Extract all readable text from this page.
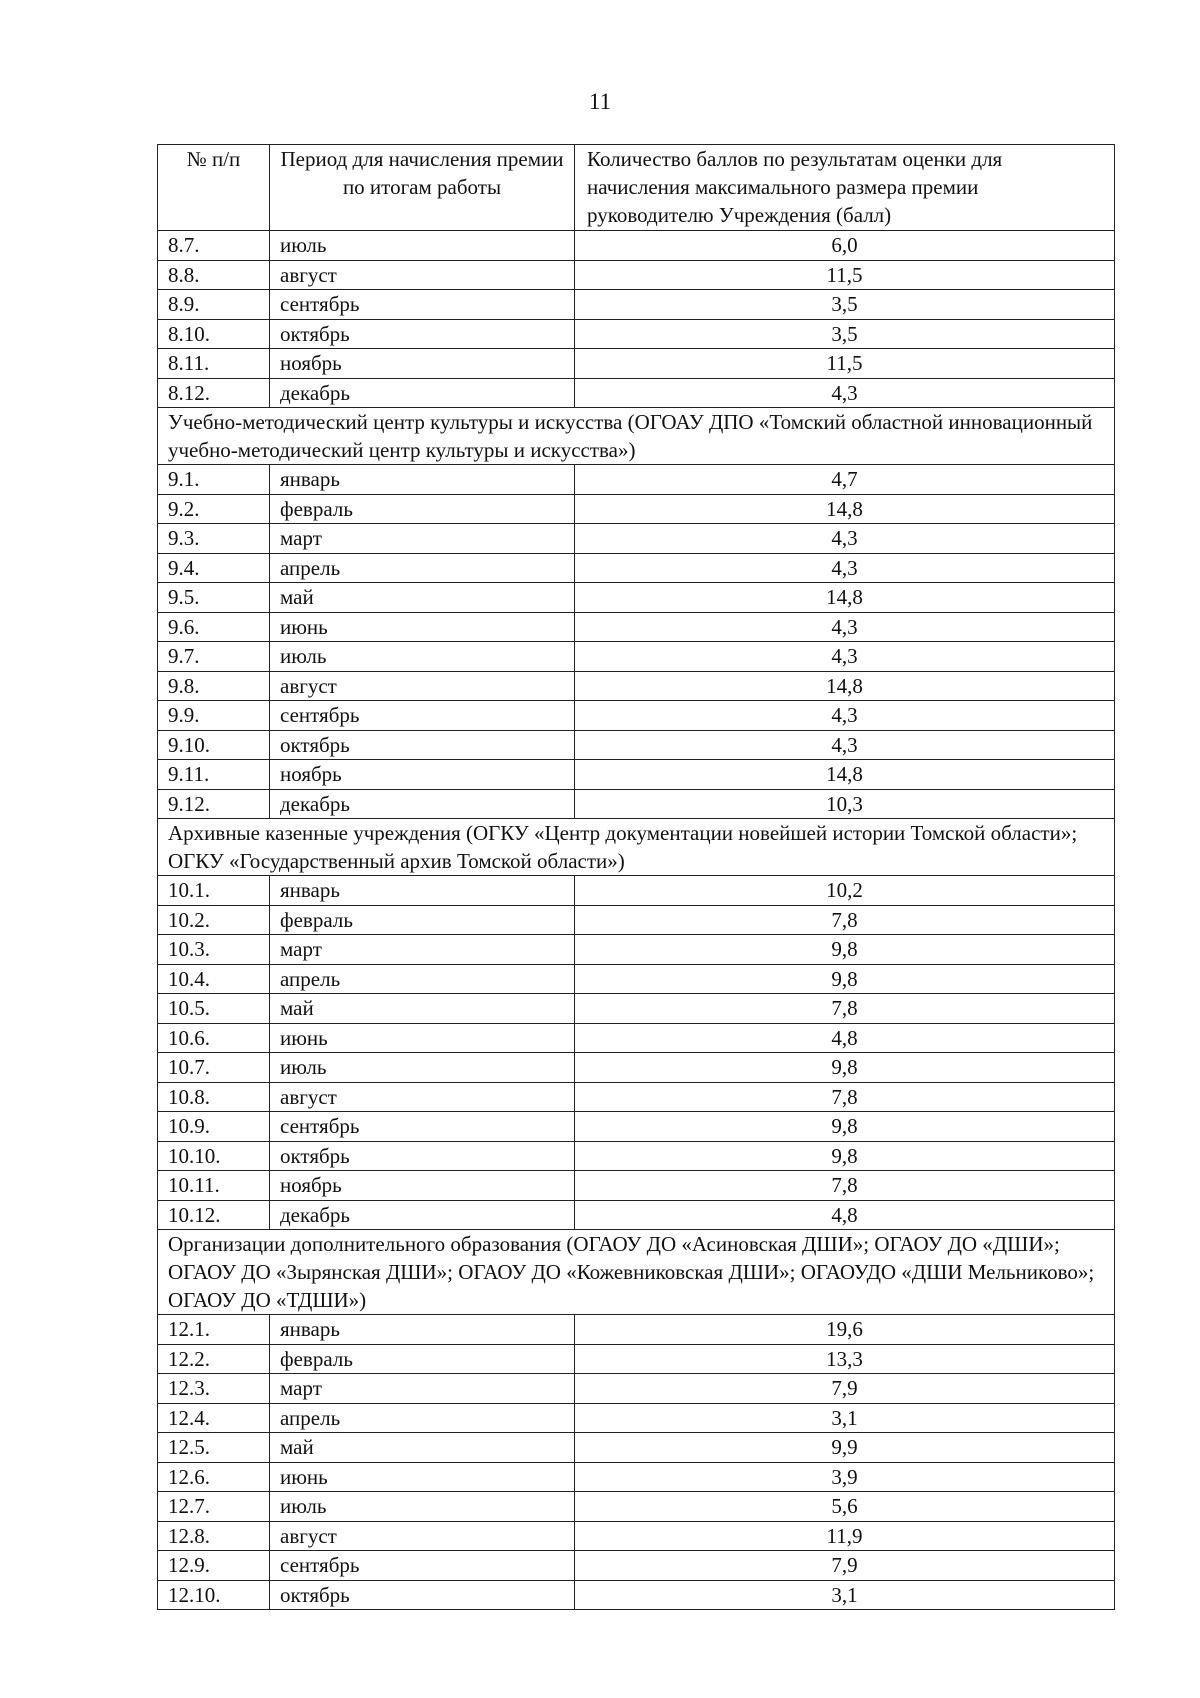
11
№ п/п	Период для начисления премии по итогам работы	Количество баллов по результатам оценки для начисления максимального размера премии руководителю Учреждения (балл)
8.7.	июль	6,0
8.8.	август	11,5
8.9.	сентябрь	3,5
8.10.	октябрь	3,5
8.11.	ноябрь	11,5
8.12.	декабрь	4,3
Учебно-методический центр культуры и искусства (ОГОАУ ДПО «Томский областной инновационный учебно-методический центр культуры и искусства»)		
9.1.	январь	4,7
9.2.	февраль	14,8
9.3.	март	4,3
9.4.	апрель	4,3
9.5.	май	14,8
9.6.	июнь	4,3
9.7.	июль	4,3
9.8.	август	14,8
9.9.	сентябрь	4,3
9.10.	октябрь	4,3
9.11.	ноябрь	14,8
9.12.	декабрь	10,3
Архивные казенные учреждения (ОГКУ «Центр документации новейшей истории Томской области»; ОГКУ «Государственный архив Томской области»)		
10.1.	январь	10,2
10.2.	февраль	7,8
10.3.	март	9,8
10.4.	апрель	9,8
10.5.	май	7,8
10.6.	июнь	4,8
10.7.	июль	9,8
10.8.	август	7,8
10.9.	сентябрь	9,8
10.10.	октябрь	9,8
10.11.	ноябрь	7,8
10.12.	декабрь	4,8
Организации дополнительного образования (ОГАОУ ДО «Асиновская ДШИ»; ОГАОУ ДО «ДШИ»; ОГАОУ ДО «Зырянская ДШИ»; ОГАОУ ДО «Кожевниковская ДШИ»; ОГАОУДО «ДШИ Мельниково»; ОГАОУ ДО «ТДШИ»)		
12.1.	январь	19,6
12.2.	февраль	13,3
12.3.	март	7,9
12.4.	апрель	3,1
12.5.	май	9,9
12.6.	июнь	3,9
12.7.	июль	5,6
12.8.	август	11,9
12.9.	сентябрь	7,9
12.10.	октябрь	3,1
